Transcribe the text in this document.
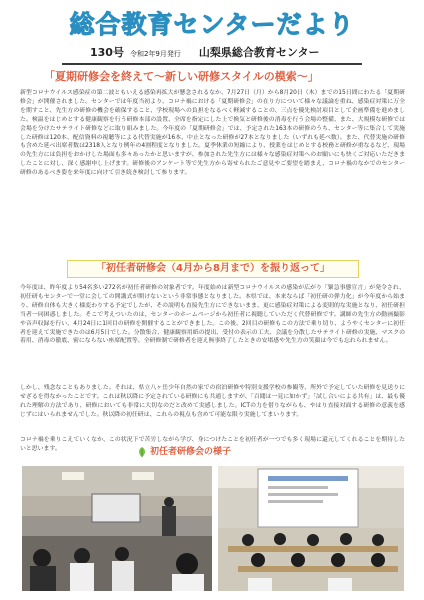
総合教育センターだより
130号 令和2年9月発行 山梨県総合教育センター
「夏期研修会を終えて～新しい研修スタイルの模索～」

新型コロナウイルス感染症の第二波ともいえる感染再拡大が懸念されるなか、7月27日（月）から8月20日（木）までの15日間にわたる「夏期研修会」が開催されました。センターでは年度当初より、コロナ禍における「夏期研修会」の在り方について様々な議論を重ね、感染症対策に万全を期すこと、先生方の研修の機会を確保すること、学校現場への負担をなるべく軽減することの、三点を優先検討項目として企画準備を進めました。検温をはじめとする健康観察を行う研修本部の設置、全席を指定にした上で換気と研修後の消毒を行う会場の整備、また、大規模な研修では会場を分けたサテライト研修などに取り組みました。今年度の「夏期研修会」では、予定された163本の研修のうち、センター等に集合して実施した研修は120本、配信資料の視聴等による代替実施が16本、中止となった研修が27本となりました（いずれも延べ数）。また、代替実施の研修も含めた延べ出席者数は2318人となり例年の4割程度となりました。夏季休業の短縮により、授業をはじめとする校務と研修が重なるなど、現場の先生方には負担をおかけした場面も多々あったかと思いますが、参加された先生方には様々な感染症対策へのお願いにも快くご対応いただきましたことに対し、深く感謝申し上げます。研修後のアンケート等で先生方から寄せられたご意見やご要望を踏まえ、コロナ禍のなかでのセンター研修のあるべき姿を来年度に向けて引き続き検討して参ります。

「初任者研修会（4月から8月まで）を振り返って」

今年度は、昨年度より54名多い272名が初任者研修の対象者です。年度始めは新型コロナウイルスの感染が広がり「緊急事態宣言」が発令され、初任研もセンターで一堂に会しての開講式が開けないという非常事態となりました。本県では、本来ならば「初任研の弾力化」が今年度から始まり、研修自体も大きく様変わりする予定でしたが、その説明も直接先生方にできないまま、更に感染症対策による変則的な実施となり、初任研担当者一同困惑しました。そこで考えついたのは、センターのホームページから初任者に視聴していただく代替研修です。講師の先生方の動画撮影や音声収録を行い、4月24日に1回目の研修を開催することができました。この後、2回目の研修もこの方法で乗り切り、ようやくセンターに初任者を迎えて実施できたのは6月5日でした。分散集合、健康観察用紙の提出、受付の表示の工夫、会議を分散したサテライト研修の実施、マスクの着用、消毒の徹底、密にならない座席配置等、全研修制で研修者を迎え無事終了したときの安堵感や先生方の笑顔は今でも忘れられません。

しかし、残念なこともありました。それは、県立八ヶ岳少年自然の家での宿泊研修や特別支援学校の参観等、所外で予定していた研修を見送りにせざるを得なかったことです。これは秋以降に予定されている研修にも共通しますが、「百聞は一見に如かず」「試し合いによる共有」は、最も優れた理解の方法であり、研修においても非常に大切なのだと改めて実感しました。ICTの力を借りながらも、やはり直接対面する研修の意義を感じずにはいられませんでした。秋以降の初任研は、これらの視点も含めて可能な限り実施してまいります。

コロナ禍を乗りこえていくなか、この状況下で苦労しながら学び、身につけたことを初任者が一つでも多く現場に還元してくれることを期待したいと思います。	初任者研修会の様子
